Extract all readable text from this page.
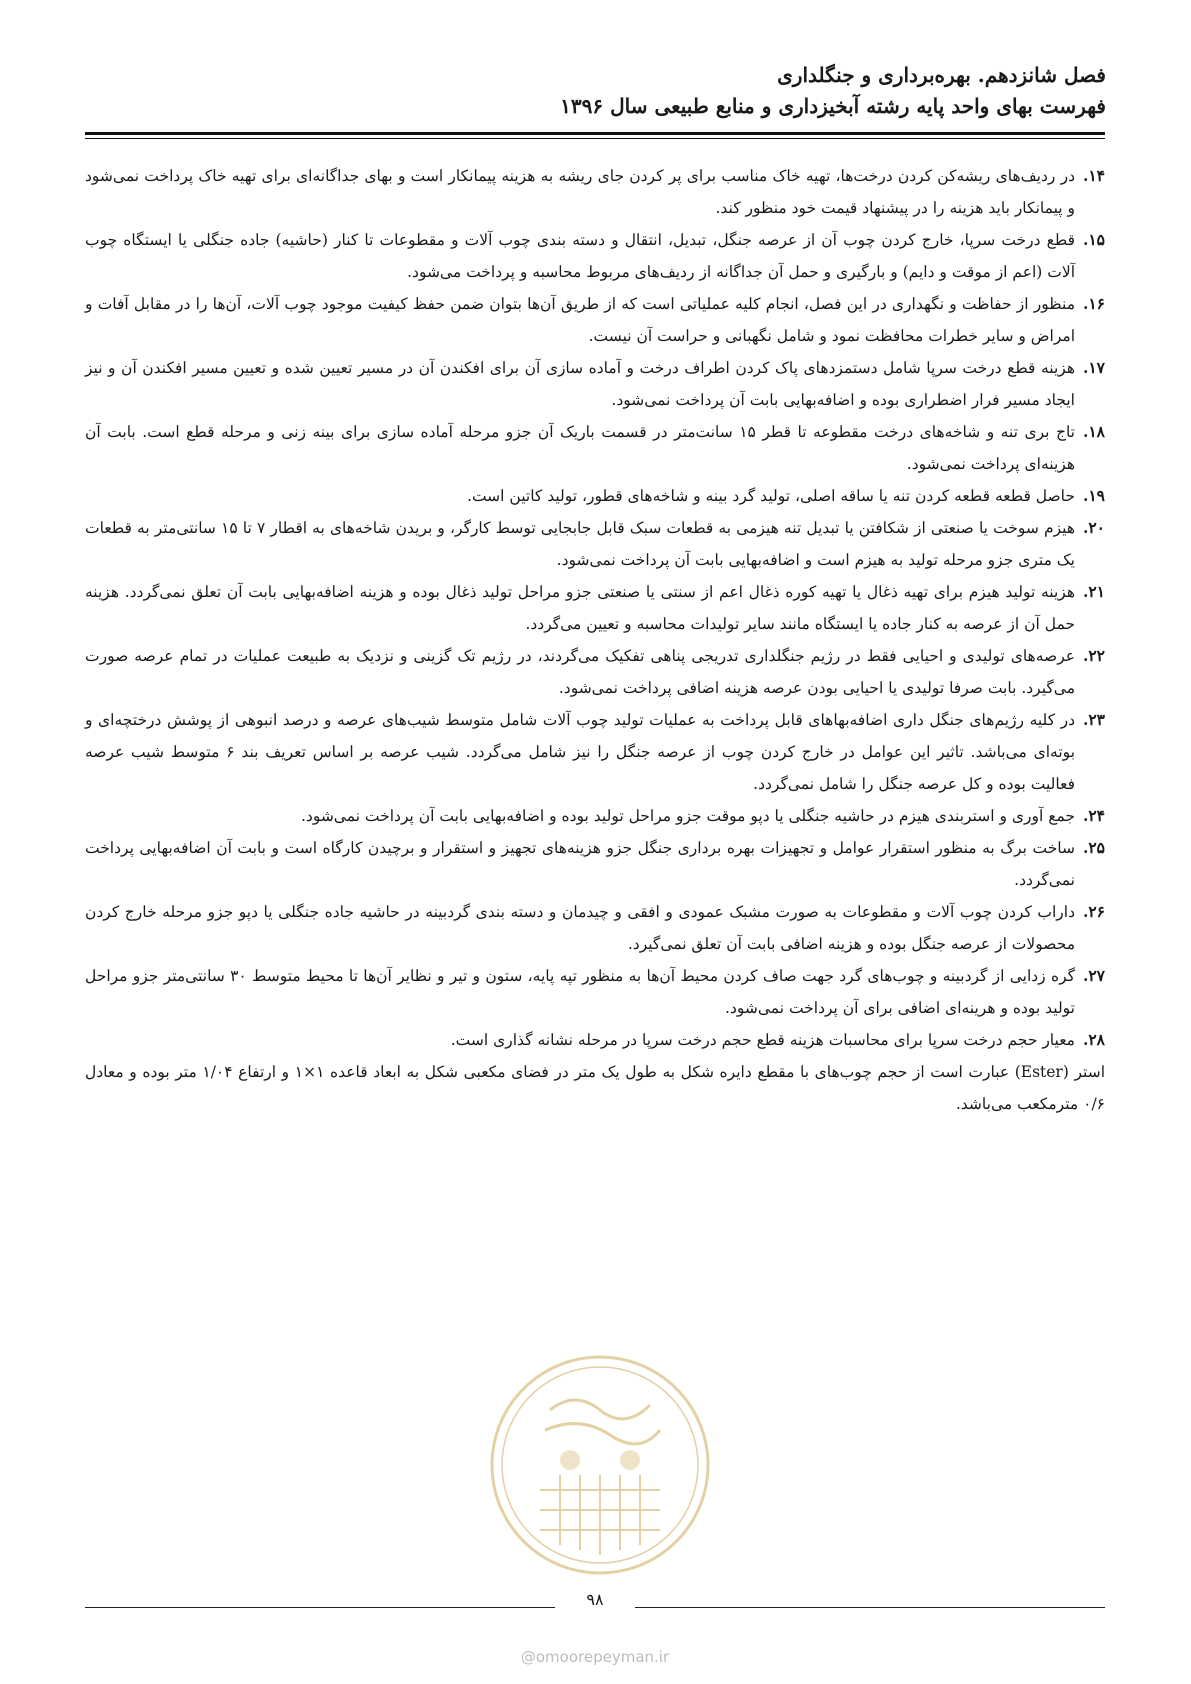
فصل شانزدهم. بهره‌برداری و جنگلداری
فهرست بهای واحد پایه رشته آبخیزداری و منابع طبیعی سال ۱۳۹۶

۱۴.
در ردیف‌های ریشه‌کن کردن درخت‌ها، تهیه خاک مناسب برای پر کردن جای ریشه به هزینه پیمانکار است و بهای جداگانه‌ای برای تهیه خاک پرداخت نمی‌شود و پیمانکار باید هزینه را در پیشنهاد قیمت خود منظور کند.

۱۵.
قطع درخت سرپا، خارج کردن چوب آن از عرصه جنگل، تبدیل، انتقال و دسته بندی چوب آلات و مقطوعات تا کنار (حاشیه) جاده جنگلی یا ایستگاه چوب آلات (اعم از موقت و دایم) و بارگیری و حمل آن جداگانه از ردیف‌های مربوط محاسبه و پرداخت می‌شود.

۱۶.
منظور از حفاظت و نگهداری در این فصل، انجام کلیه عملیاتی است که از طریق آن‌ها بتوان ضمن حفظ کیفیت موجود چوب آلات، آن‌ها را در مقابل آفات و امراض و سایر خطرات محافظت نمود و شامل نگهبانی و حراست آن نیست.

۱۷.
هزینه قطع درخت سرپا شامل دستمزدهای پاک کردن اطراف درخت و آماده سازی آن برای افکندن آن در مسیر تعیین شده و تعیین مسیر افکندن آن و نیز ایجاد مسیر فرار اضطراری بوده و اضافه‌بهایی بابت آن پرداخت نمی‌شود.

۱۸.
تاج بری تنه و شاخه‌های درخت مقطوعه تا قطر ۱۵ سانت‌متر در قسمت باریک آن جزو مرحله آماده سازی برای بینه زنی و مرحله قطع است. بابت آن هزینه‌ای پرداخت نمی‌شود.

۱۹.
حاصل قطعه قطعه کردن تنه یا ساقه اصلی، تولید گرد بینه و شاخه‌های قطور، تولید کاتین است.

۲۰.
هیزم سوخت یا صنعتی از شکافتن یا تبدیل تنه هیزمی به قطعات سبک قابل جابجایی توسط کارگر، و بریدن شاخه‌های به اقطار ۷ تا ۱۵ سانتی‌متر به قطعات یک متری جزو مرحله تولید به هیزم است و اضافه‌بهایی بابت آن پرداخت نمی‌شود.

۲۱.
هزینه تولید هیزم برای تهیه ذغال یا تهیه کوره ذغال اعم از سنتی یا صنعتی جزو مراحل تولید ذغال بوده و هزینه اضافه‌بهایی بابت آن تعلق نمی‌گردد. هزینه حمل آن از عرصه به کنار جاده یا ایستگاه مانند سایر تولیدات محاسبه و تعیین می‌گردد.

۲۲.
عرصه‌های تولیدی و احیایی فقط در رژیم جنگلداری تدریجی پناهی تفکیک می‌گردند، در رژیم تک گزینی و نزدیک به طبیعت عملیات در تمام عرصه صورت می‌گیرد. بابت صرفا تولیدی یا احیایی بودن عرصه هزینه اضافی پرداخت نمی‌شود.

۲۳.
در کلیه رژیم‌های جنگل داری اضافه‌بهاهای قابل پرداخت به عملیات تولید چوب آلات شامل متوسط شیب‌های عرصه و درصد انبوهی از پوشش درختچه‌ای و بوته‌ای می‌باشد. تاثیر این عوامل در خارج کردن چوب از عرصه جنگل را نیز شامل می‌گردد. شیب عرصه بر اساس تعریف بند ۶ متوسط شیب عرصه فعالیت بوده و کل عرصه جنگل را شامل نمی‌گردد.

۲۴.
جمع آوری و استربندی هیزم در حاشیه جنگلی یا دپو موقت جزو مراحل تولید بوده و اضافه‌بهایی بابت آن پرداخت نمی‌شود.

۲۵.
ساخت برگ به منظور استقرار عوامل و تجهیزات بهره برداری جنگل جزو هزینه‌های تجهیز و استقرار و برچیدن کارگاه است و بابت آن اضافه‌بهایی پرداخت نمی‌گردد.

۲۶.
داراب کردن چوب آلات و مقطوعات به صورت مشبک عمودی و افقی و چیدمان و دسته بندی گردبینه در حاشیه جاده جنگلی یا دپو جزو مرحله خارج کردن محصولات از عرصه جنگل بوده و هزینه اضافی بابت آن تعلق نمی‌گیرد.

۲۷.
گره زدایی از گردبینه و چوب‌های گرد جهت صاف کردن محیط آن‌ها به منظور تپه پایه، ستون و تیر و نظایر آن‌ها تا محیط متوسط ۳۰ سانتی‌متر جزو مراحل تولید بوده و هرینه‌ای اضافی برای آن پرداخت نمی‌شود.

۲۸.
معیار حجم درخت سرپا برای محاسبات هزینه قطع حجم درخت سرپا در مرحله نشانه گذاری است.

استر (Ester) عبارت است از حجم چوب‌های با مقطع دایره شکل به طول یک متر در فضای مکعبی شکل به ابعاد قاعده ۱×۱ و ارتفاع ۱/۰۴ متر بوده و معادل ۰/۶ مترمکعب می‌باشد.

۹۸
@omoorepeyman.ir
